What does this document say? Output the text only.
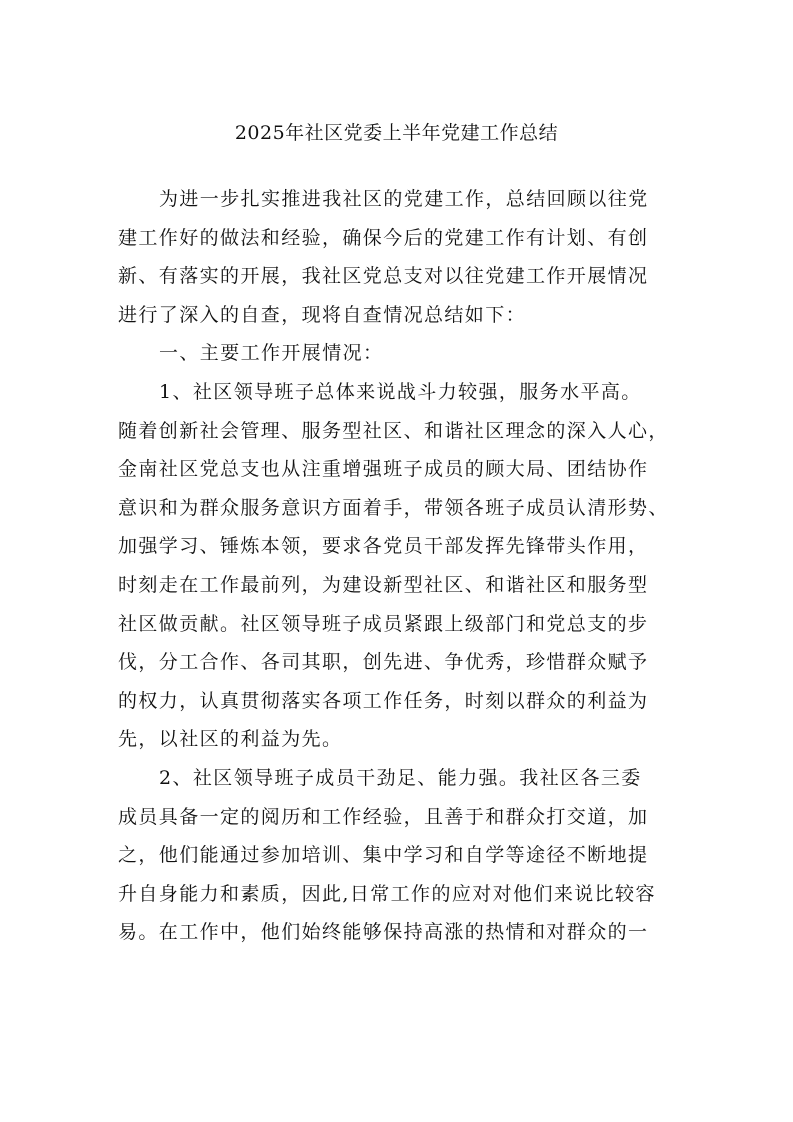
2025年社区党委上半年党建工作总结

为进一步扎实推进我社区的党建工作，总结回顾以往党
建工作好的做法和经验，确保今后的党建工作有计划、有创
新、有落实的开展，我社区党总支对以往党建工作开展情况
进行了深入的自查，现将自查情况总结如下：

一、主要工作开展情况：

1、社区领导班子总体来说战斗力较强，服务水平高。
随着创新社会管理、服务型社区、和谐社区理念的深入人心，
金南社区党总支也从注重增强班子成员的顾大局、团结协作
意识和为群众服务意识方面着手，带领各班子成员认清形势、
加强学习、锤炼本领，要求各党员干部发挥先锋带头作用，
时刻走在工作最前列，为建设新型社区、和谐社区和服务型
社区做贡献。社区领导班子成员紧跟上级部门和党总支的步
伐，分工合作、各司其职，创先进、争优秀，珍惜群众赋予
的权力，认真贯彻落实各项工作任务，时刻以群众的利益为
先，以社区的利益为先。

2、社区领导班子成员干劲足、能力强。我社区各三委
成员具备一定的阅历和工作经验，且善于和群众打交道，加
之，他们能通过参加培训、集中学习和自学等途径不断地提
升自身能力和素质，因此,日常工作的应对对他们来说比较容
易。在工作中，他们始终能够保持高涨的热情和对群众的一
